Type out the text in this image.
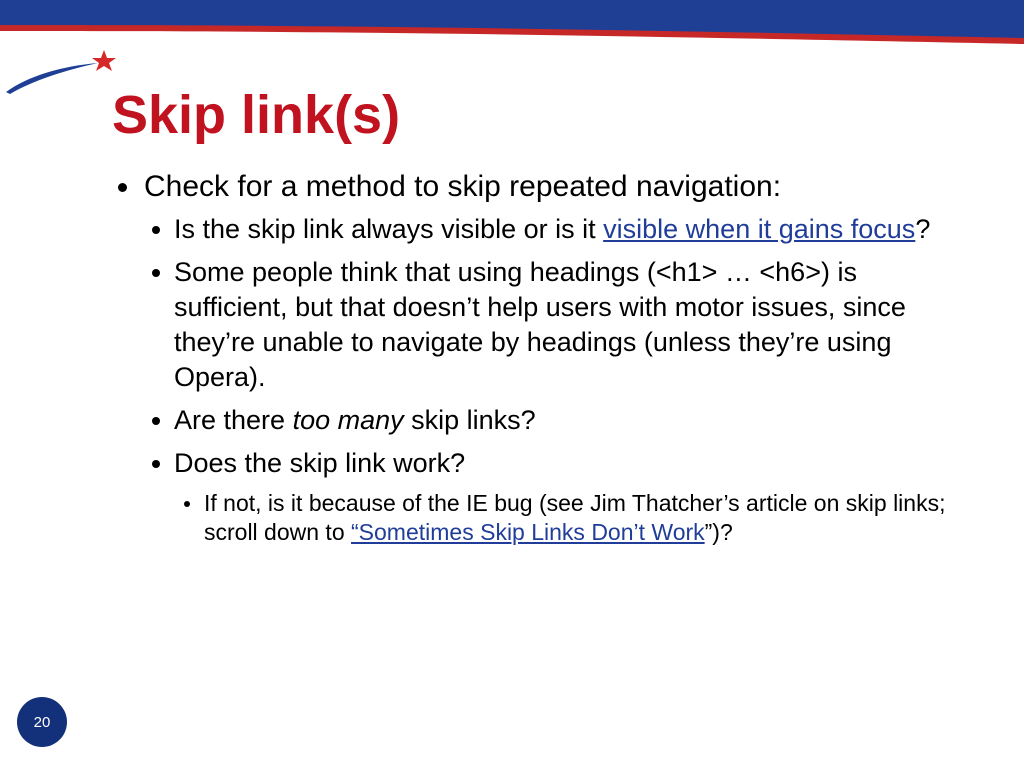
Skip link(s)
Check for a method to skip repeated navigation:
Is the skip link always visible or is it visible when it gains focus?
Some people think that using headings (<h1> … <h6>) is sufficient, but that doesn’t help users with motor issues, since they’re unable to navigate by headings (unless they’re using Opera).
Are there too many skip links?
Does the skip link work?
If not, is it because of the IE bug (see Jim Thatcher’s article on skip links; scroll down to “Sometimes Skip Links Don’t Work”)?
20
